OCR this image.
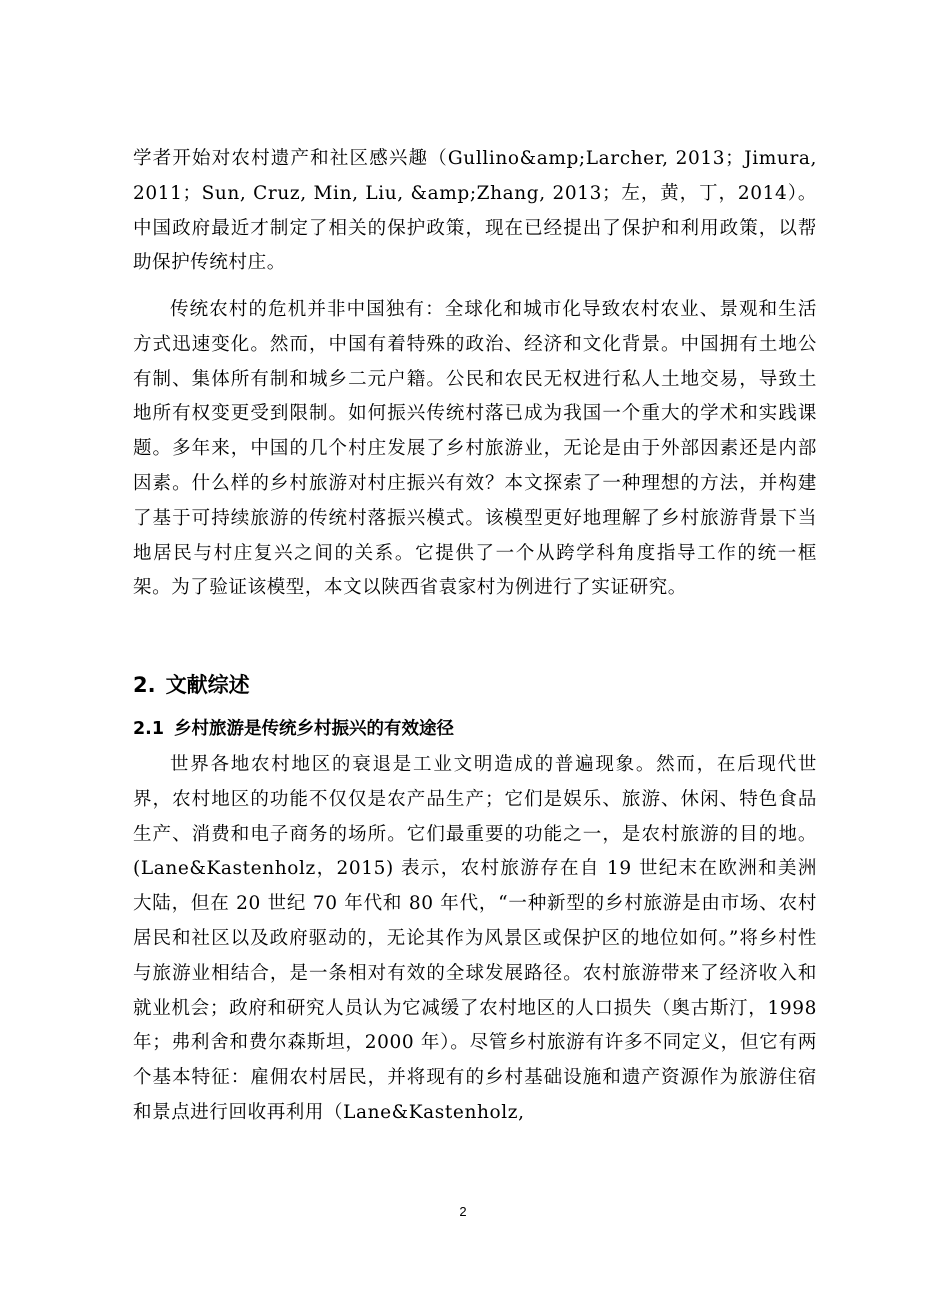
学者开始对农村遗产和社区感兴趣（Gullino&amp;Larcher, 2013；Jimura, 2011；Sun, Cruz, Min, Liu, &amp;Zhang, 2013；左，黄，丁，2014）。中国政府最近才制定了相关的保护政策，现在已经提出了保护和利用政策，以帮助保护传统村庄。

传统农村的危机并非中国独有：全球化和城市化导致农村农业、景观和生活方式迅速变化。然而，中国有着特殊的政治、经济和文化背景。中国拥有土地公有制、集体所有制和城乡二元户籍。公民和农民无权进行私人土地交易，导致土地所有权变更受到限制。如何振兴传统村落已成为我国一个重大的学术和实践课题。多年来，中国的几个村庄发展了乡村旅游业，无论是由于外部因素还是内部因素。什么样的乡村旅游对村庄振兴有效？本文探索了一种理想的方法，并构建了基于可持续旅游的传统村落振兴模式。该模型更好地理解了乡村旅游背景下当地居民与村庄复兴之间的关系。它提供了一个从跨学科角度指导工作的统一框架。为了验证该模型，本文以陕西省袁家村为例进行了实证研究。

2. 文献综述
2.1 乡村旅游是传统乡村振兴的有效途径

世界各地农村地区的衰退是工业文明造成的普遍现象。然而，在后现代世界，农村地区的功能不仅仅是农产品生产；它们是娱乐、旅游、休闲、特色食品生产、消费和电子商务的场所。它们最重要的功能之一，是农村旅游的目的地。(Lane&Kastenholz，2015) 表示，农村旅游存在自 19 世纪末在欧洲和美洲大陆，但在 20 世纪 70 年代和 80 年代，“一种新型的乡村旅游是由市场、农村居民和社区以及政府驱动的，无论其作为风景区或保护区的地位如何。”将乡村性与旅游业相结合，是一条相对有效的全球发展路径。农村旅游带来了经济收入和就业机会；政府和研究人员认为它减缓了农村地区的人口损失（奥古斯汀，1998 年；弗利舍和费尔森斯坦，2000 年）。尽管乡村旅游有许多不同定义，但它有两个基本特征：雇佣农村居民，并将现有的乡村基础设施和遗产资源作为旅游住宿和景点进行回收再利用（Lane&Kastenholz,

2
